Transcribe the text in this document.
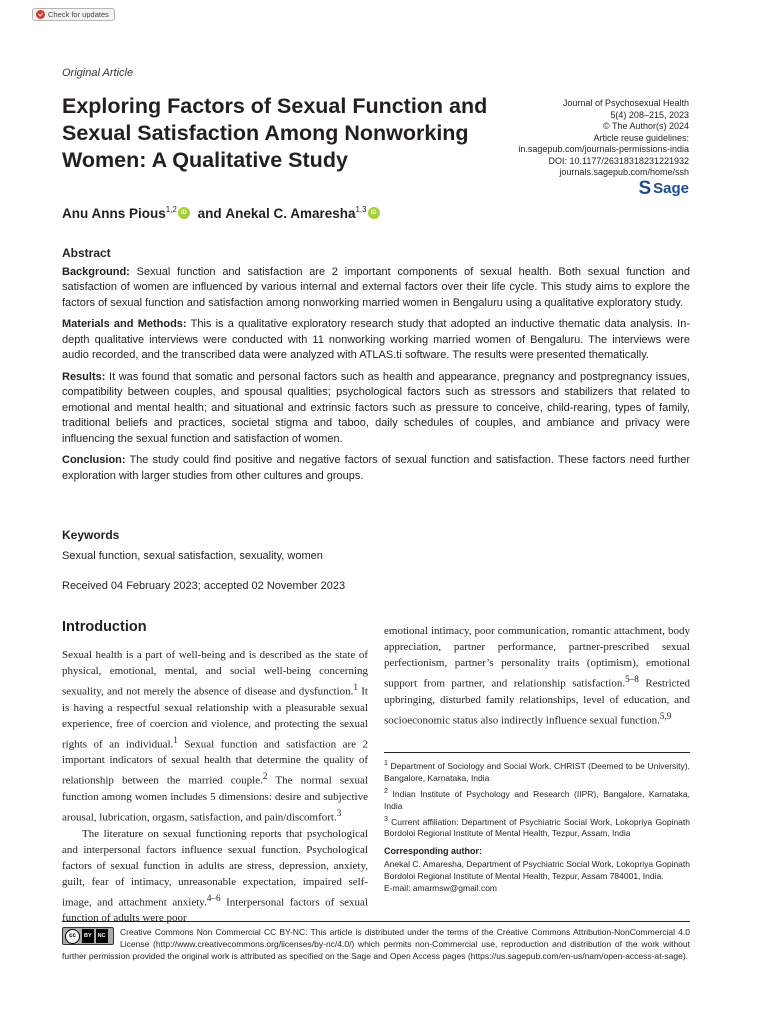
Check for updates
Original Article
Exploring Factors of Sexual Function and Sexual Satisfaction Among Nonworking Women: A Qualitative Study
Journal of Psychosexual Health
5(4) 208–215, 2023
© The Author(s) 2024
Article reuse guidelines:
in.sagepub.com/journals-permissions-india
DOI: 10.1177/26318318231221932
journals.sagepub.com/home/ssh
S Sage
Anu Anns Pious$^{1,2}$ iD
and
Anekal C. Amaresha$^{1,3}$ iD
Abstract

Background: Sexual function and satisfaction are 2 important components of sexual health. Both sexual function and satisfaction of women are influenced by various internal and external factors over their life cycle. This study aims to explore the factors of sexual function and satisfaction among nonworking married women in Bengaluru using a qualitative exploratory study.

Materials and Methods: This is a qualitative exploratory research study that adopted an inductive thematic data analysis. In-depth qualitative interviews were conducted with 11 nonworking working married women of Bengaluru. The interviews were audio recorded, and the transcribed data were analyzed with ATLAS.ti software. The results were presented thematically.

Results: It was found that somatic and personal factors such as health and appearance, pregnancy and postpregnancy issues, compatibility between couples, and spousal qualities; psychological factors such as stressors and stabilizers that related to emotional and mental health; and situational and extrinsic factors such as pressure to conceive, child-rearing, types of family, traditional beliefs and practices, societal stigma and taboo, daily schedules of couples, and ambiance and privacy were influencing the sexual function and satisfaction of women.

Conclusion: The study could find positive and negative factors of sexual function and satisfaction. These factors need further exploration with larger studies from other cultures and groups.

Keywords
Sexual function, sexual satisfaction, sexuality, women
Received 04 February 2023; accepted 02 November 2023
Introduction

Sexual health is a part of well-being and is described as the state of physical, emotional, mental, and social well-being concerning sexuality, and not merely the absence of disease and dysfunction.$^1$ It is having a respectful sexual relationship with a pleasurable sexual experience, free of coercion and violence, and protecting the sexual rights of an individual.$^1$ Sexual function and satisfaction are 2 important indicators of sexual health that determine the quality of relationship between the married couple.$^2$ The normal sexual function among women includes 5 dimensions: desire and subjective arousal, lubrication, orgasm, satisfaction, and pain/discomfort.$^3$

The literature on sexual functioning reports that psychological and interpersonal factors influence sexual function. Psychological factors of sexual function in adults are stress, depression, anxiety, guilt, fear of intimacy, unreasonable expectation, impaired self-image, and attachment anxiety.$^{4-6}$ Interpersonal factors of sexual function of adults were poor

emotional intimacy, poor communication, romantic attachment, body appreciation, partner performance, partner-prescribed sexual perfectionism, partner’s personality traits (optimism), emotional support from partner, and relationship satisfaction.$^{5-8}$ Restricted upbringing, disturbed family relationships, level of education, and socioeconomic status also indirectly influence sexual function.$^{5,9}$

$^1$ Department of Sociology and Social Work, CHRIST (Deemed to be University), Bangalore, Karnataka, India

$^2$ Indian Institute of Psychology and Research (IIPR), Bangalore, Karnataka, India

$^3$ Current affiliation: Department of Psychiatric Social Work, Lokopriya Gopinath Bordoloi Regional Institute of Mental Health, Tezpur, Assam, India

Corresponding author:

Anekal C. Amaresha, Department of Psychiatric Social Work, Lokopriya Gopinath Bordoloi Regional Institute of Mental Health, Tezpur, Assam 784001, India.

E-mail: amarmsw@gmail.com

cc	BY	NC Creative Commons Non Commercial CC BY-NC: This article is distributed under the terms of the Creative Commons Attribution-NonCommercial 4.0 License (http://www.creativecommons.org/licenses/by-nc/4.0/) which permits non-Commercial use, reproduction and distribution of the work without further permission provided the original work is attributed as specified on the Sage and Open Access pages (https://us.sagepub.com/en-us/nam/open-access-at-sage).
